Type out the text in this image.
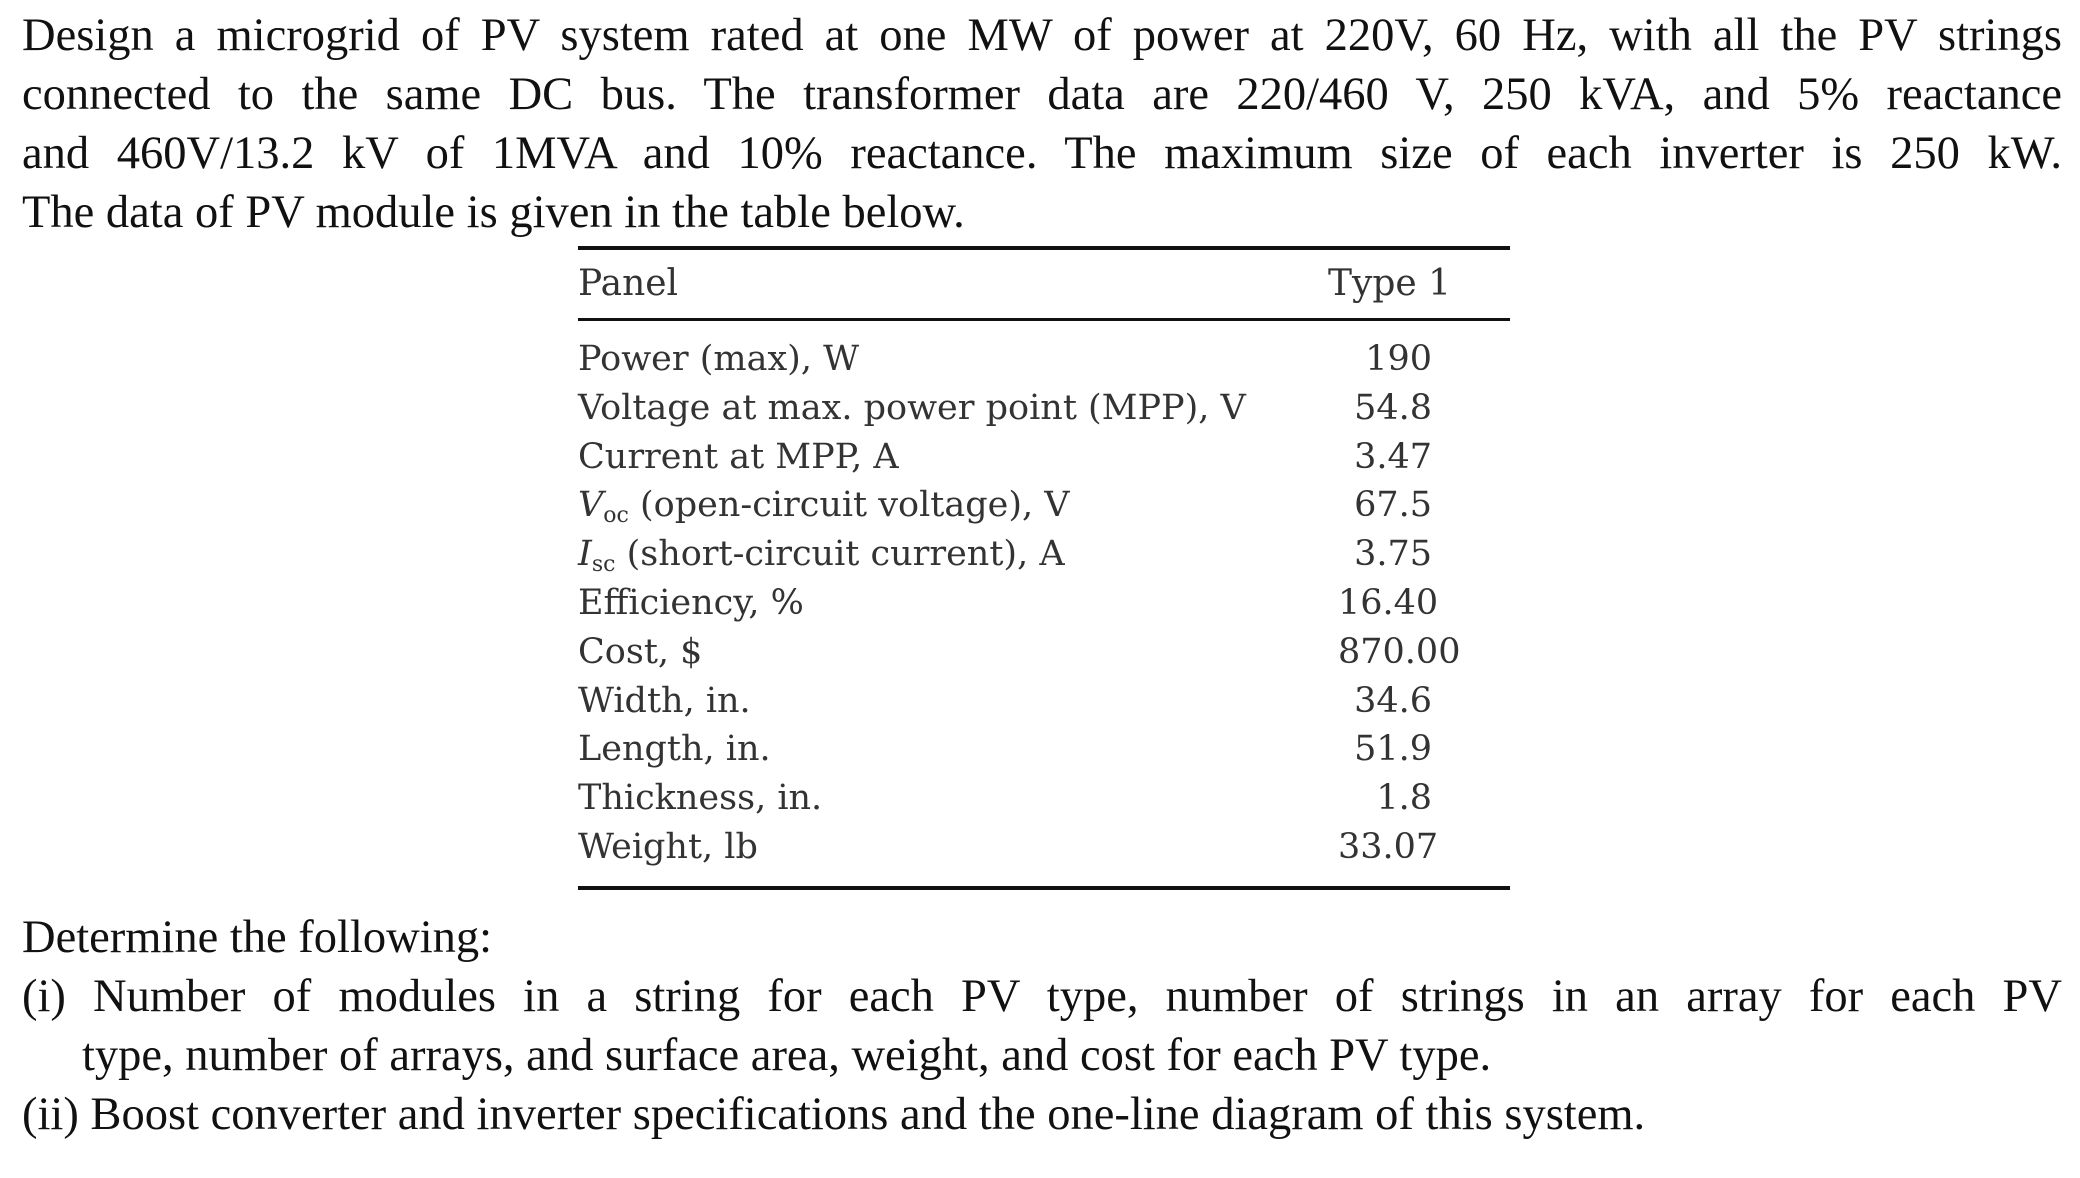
Design a microgrid of PV system rated at one MW of power at 220V, 60 Hz, with all the PV strings
connected to the same DC bus. The transformer data are 220/460 V, 250 kVA, and 5% reactance
and 460V/13.2 kV of 1MVA and 10% reactance. The maximum size of each inverter is 250 kW.
The data of PV module is given in the table below.
Panel	Type 1
Power (max), W	190
Voltage at max. power point (MPP), V	54.8
Current at MPP, A	3.47
$V_{oc}$ (open-circuit voltage), V	67.5
$I_{sc}$ (short-circuit current), A	3.75
Efficiency, %	16.40
Cost, $	870.00
Width, in.	34.6
Length, in.	51.9
Thickness, in.	1.8
Weight, lb	33.07
Determine the following:
(i) Number of modules in a string for each PV type, number of strings in an array for each PV
type, number of arrays, and surface area, weight, and cost for each PV type.
(ii) Boost converter and inverter specifications and the one-line diagram of this system.
